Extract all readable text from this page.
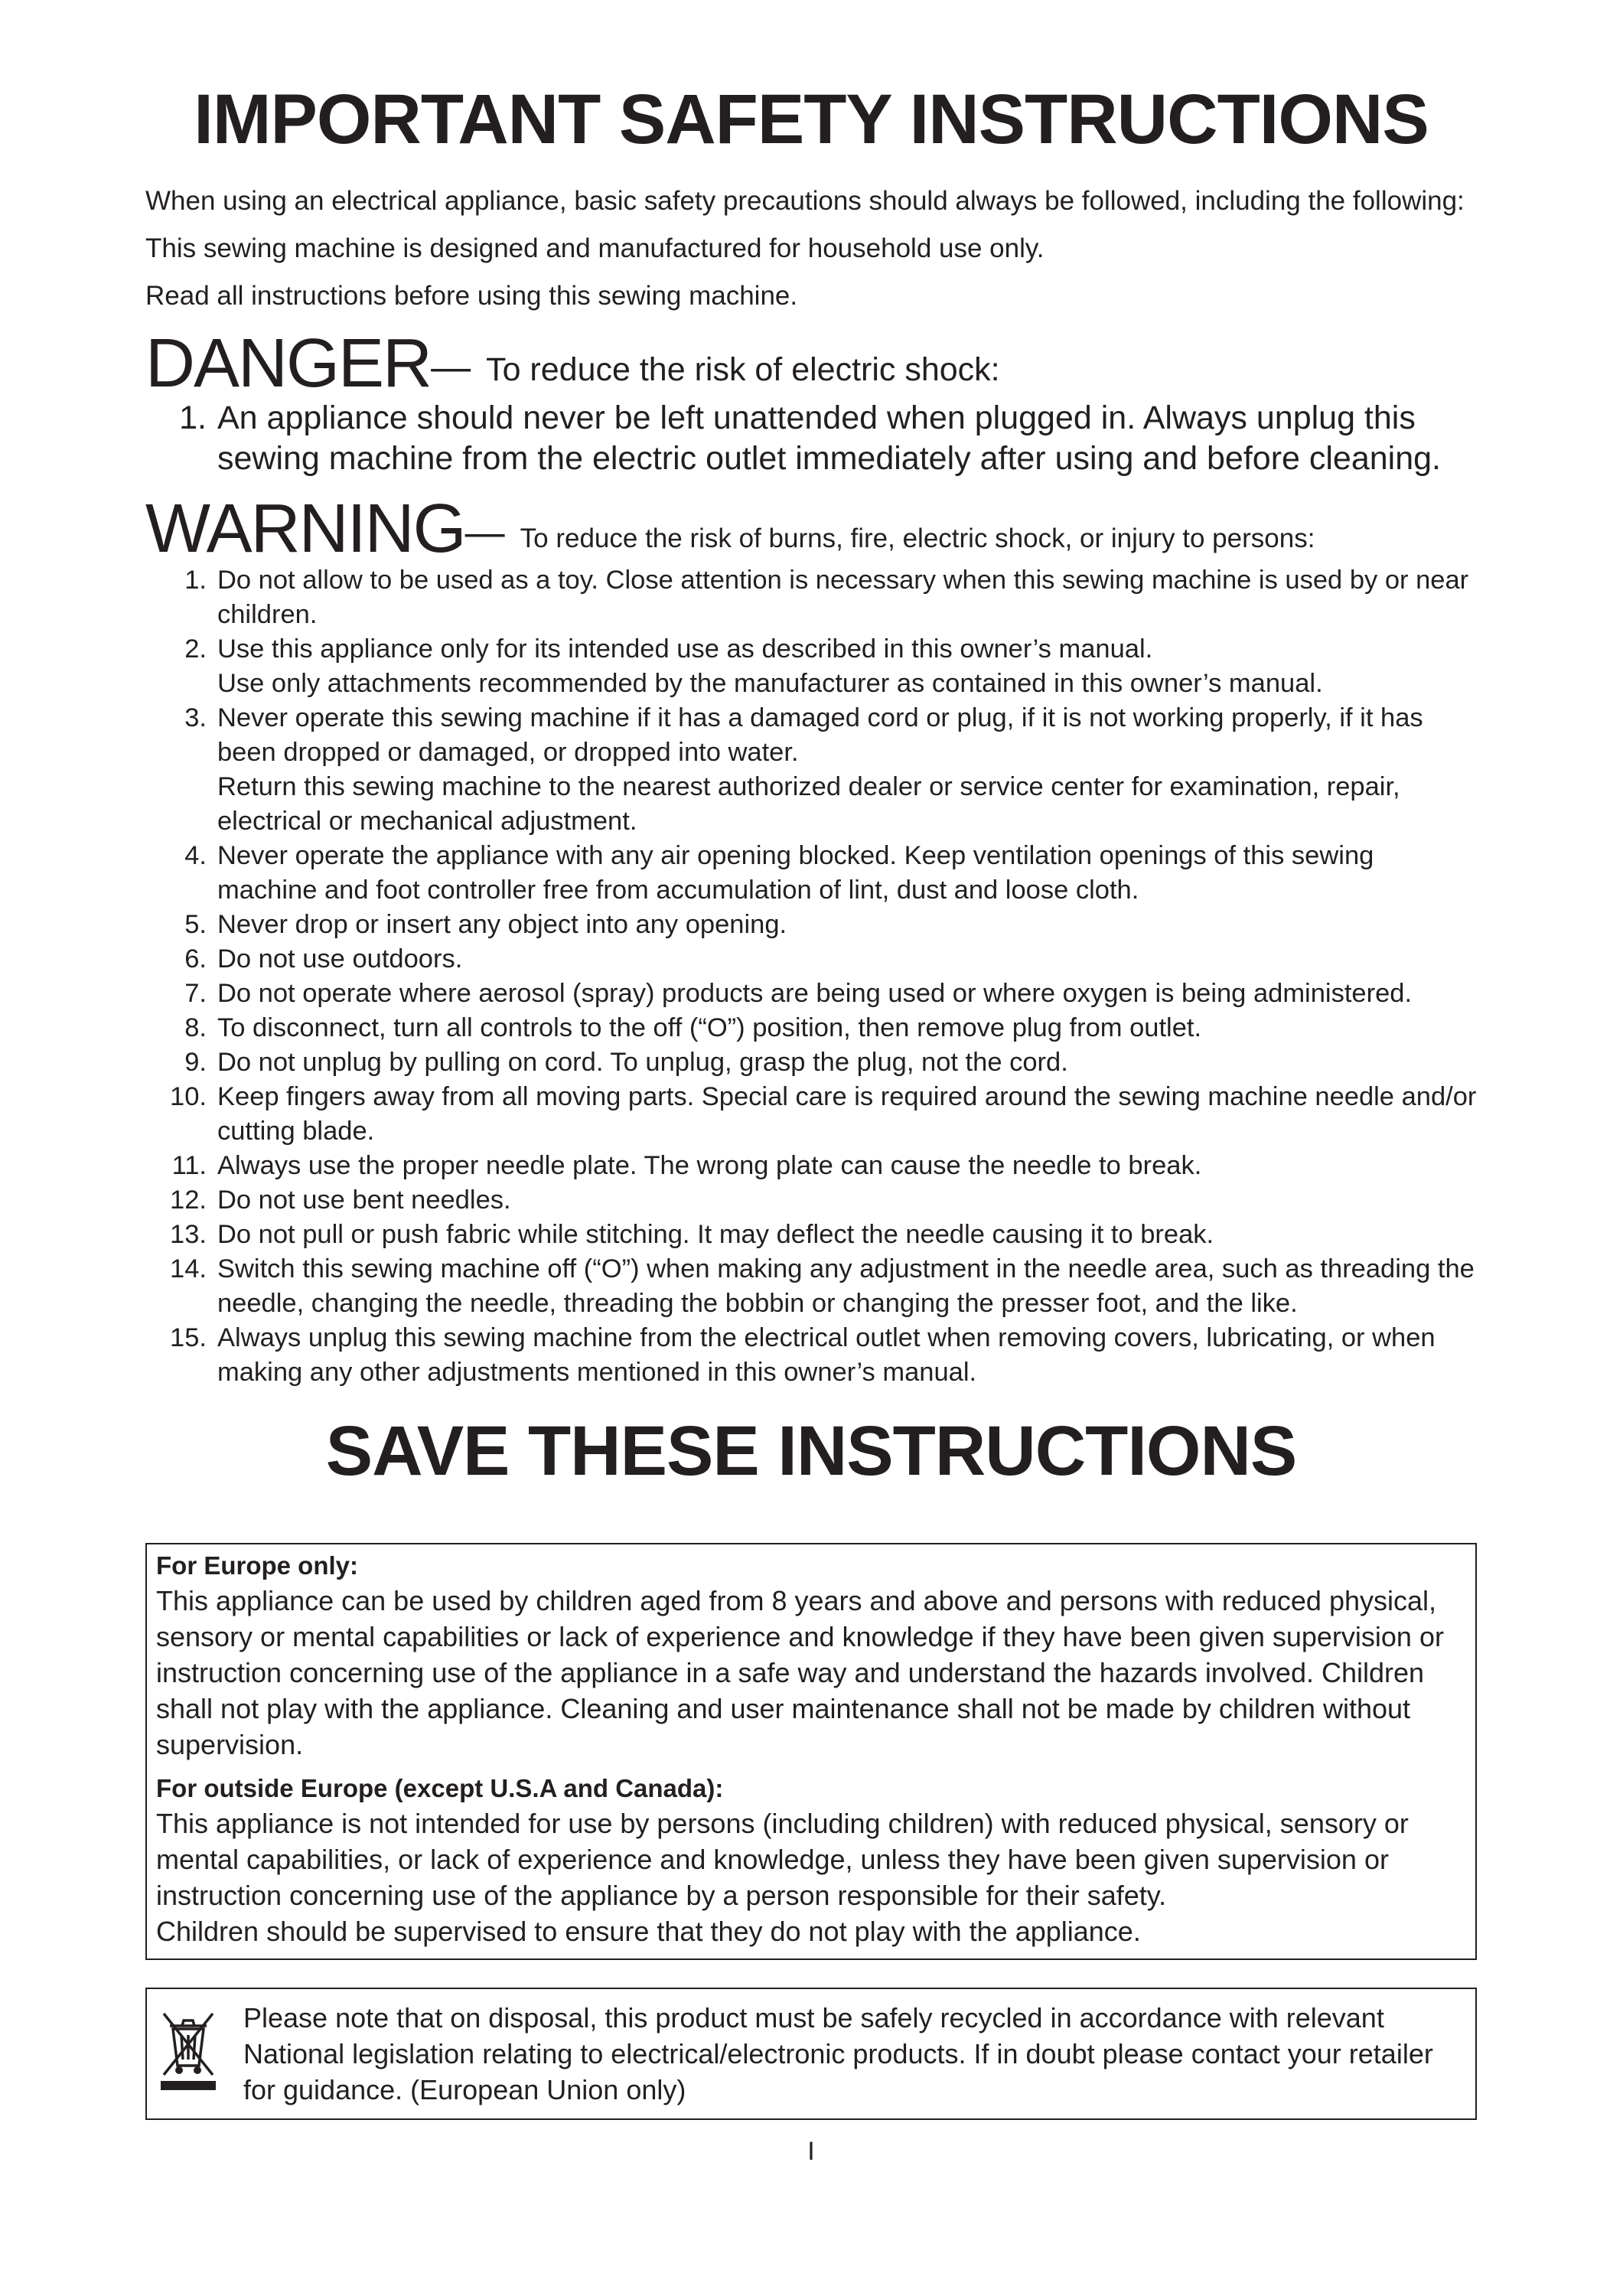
IMPORTANT SAFETY INSTRUCTIONS

When using an electrical appliance, basic safety precautions should always be followed, including the following:

This sewing machine is designed and manufactured for household use only.

Read all instructions before using this sewing machine.

DANGER — To reduce the risk of electric shock:
1. An appliance should never be left unattended when plugged in. Always unplug this sewing machine from the electric outlet immediately after using and before cleaning.
WARNING — To reduce the risk of burns, fire, electric shock, or injury to persons:
1. Do not allow to be used as a toy. Close attention is necessary when this sewing machine is used by or near children.
2. Use this appliance only for its intended use as described in this owner’s manual.
Use only attachments recommended by the manufacturer as contained in this owner’s manual.
3. Never operate this sewing machine if it has a damaged cord or plug, if it is not working properly, if it has been dropped or damaged, or dropped into water.
Return this sewing machine to the nearest authorized dealer or service center for examination, repair, electrical or mechanical adjustment.
4. Never operate the appliance with any air opening blocked. Keep ventilation openings of this sewing machine and foot controller free from accumulation of lint, dust and loose cloth.
5. Never drop or insert any object into any opening.
6. Do not use outdoors.
7. Do not operate where aerosol (spray) products are being used or where oxygen is being administered.
8. To disconnect, turn all controls to the off (“O”) position, then remove plug from outlet.
9. Do not unplug by pulling on cord. To unplug, grasp the plug, not the cord.
10. Keep fingers away from all moving parts. Special care is required around the sewing machine needle and/or cutting blade.
11. Always use the proper needle plate. The wrong plate can cause the needle to break.
12. Do not use bent needles.
13. Do not pull or push fabric while stitching. It may deflect the needle causing it to break.
14. Switch this sewing machine off (“O”) when making any adjustment in the needle area, such as threading the needle, changing the needle, threading the bobbin or changing the presser foot, and the like.
15. Always unplug this sewing machine from the electrical outlet when removing covers, lubricating, or when making any other adjustments mentioned in this owner’s manual.
SAVE THESE INSTRUCTIONS

For Europe only:

This appliance can be used by children aged from 8 years and above and persons with reduced physical, sensory or mental capabilities or lack of experience and knowledge if they have been given supervision or instruction concerning use of the appliance in a safe way and understand the hazards involved. Children shall not play with the appliance. Cleaning and user maintenance shall not be made by children without supervision.

For outside Europe (except U.S.A and Canada):

This appliance is not intended for use by persons (including children) with reduced physical, sensory or mental capabilities, or lack of experience and knowledge, unless they have been given supervision or instruction concerning use of the appliance by a person responsible for their safety.

Children should be supervised to ensure that they do not play with the appliance.

Please note that on disposal, this product must be safely recycled in accordance with relevant National legislation relating to electrical/electronic products. If in doubt please contact your retailer for guidance. (European Union only)

I
